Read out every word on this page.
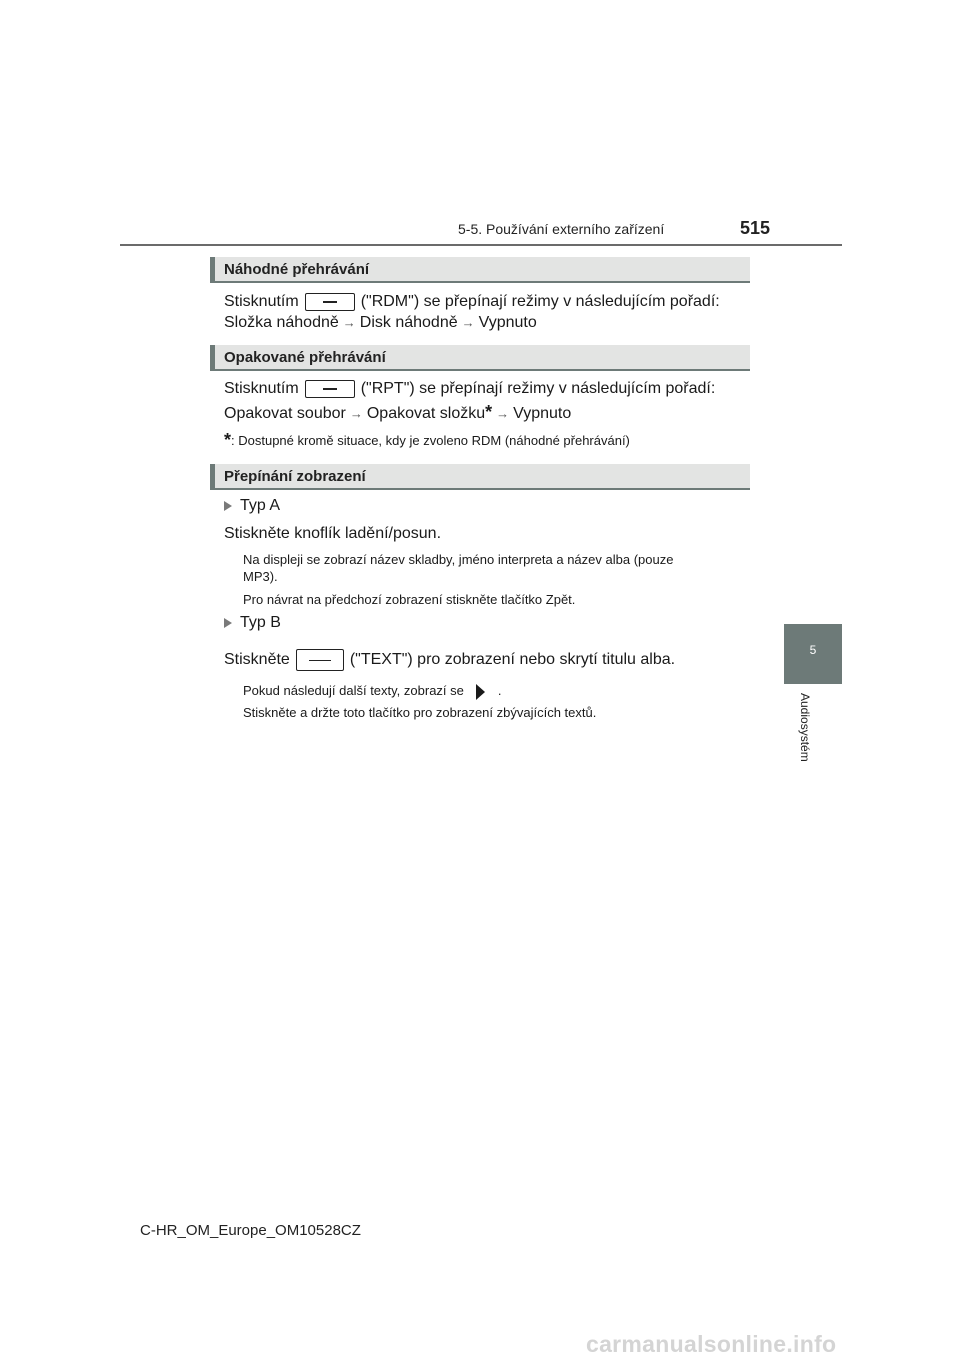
5-5. Používání externího zařízení	515
5
Audiosystém
Náhodné přehrávání
Stisknutím	("RDM") se přepínají režimy v následujícím pořadí:
Složka náhodně → Disk náhodně → Vypnuto
Opakované přehrávání
Stisknutím	("RPT") se přepínají režimy v následujícím pořadí:
Opakovat soubor → Opakovat složku* → Vypnuto
*: Dostupné kromě situace, kdy je zvoleno RDM (náhodné přehrávání)
Přepínání zobrazení
Typ A
Stiskněte knoflík ladění/posun.
Na displeji se zobrazí název skladby, jméno interpreta a název alba (pouze
MP3).
Pro návrat na předchozí zobrazení stiskněte tlačítko Zpět.
Typ B
Stiskněte	("TEXT") pro zobrazení nebo skrytí titulu alba.
Pokud následují další texty, zobrazí se	.
Stiskněte a držte toto tlačítko pro zobrazení zbývajících textů.
C-HR_OM_Europe_OM10528CZ
carmanualsonline.info
